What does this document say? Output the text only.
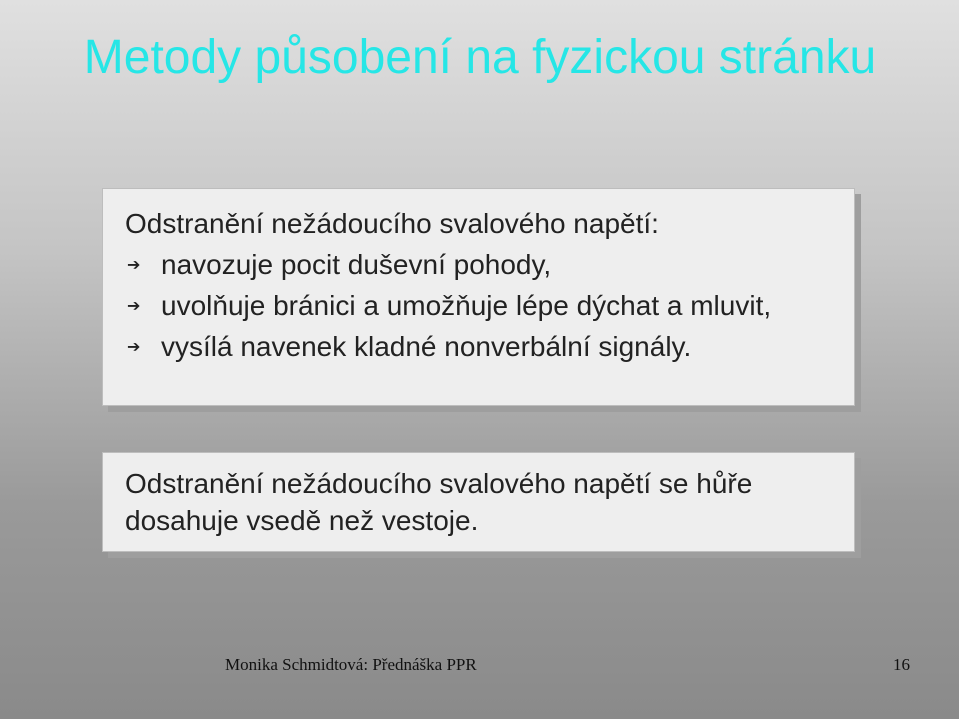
Metody působení na fyzickou stránku
Odstranění nežádoucího svalového napětí:
➔ navozuje pocit duševní pohody,
➔ uvolňuje bránici a umožňuje lépe dýchat a mluvit,
➔ vysílá navenek kladné nonverbální signály.
Odstranění nežádoucího svalového napětí se hůře dosahuje vsedě než vestoje.
Monika Schmidtová: Přednáška PPR	16
